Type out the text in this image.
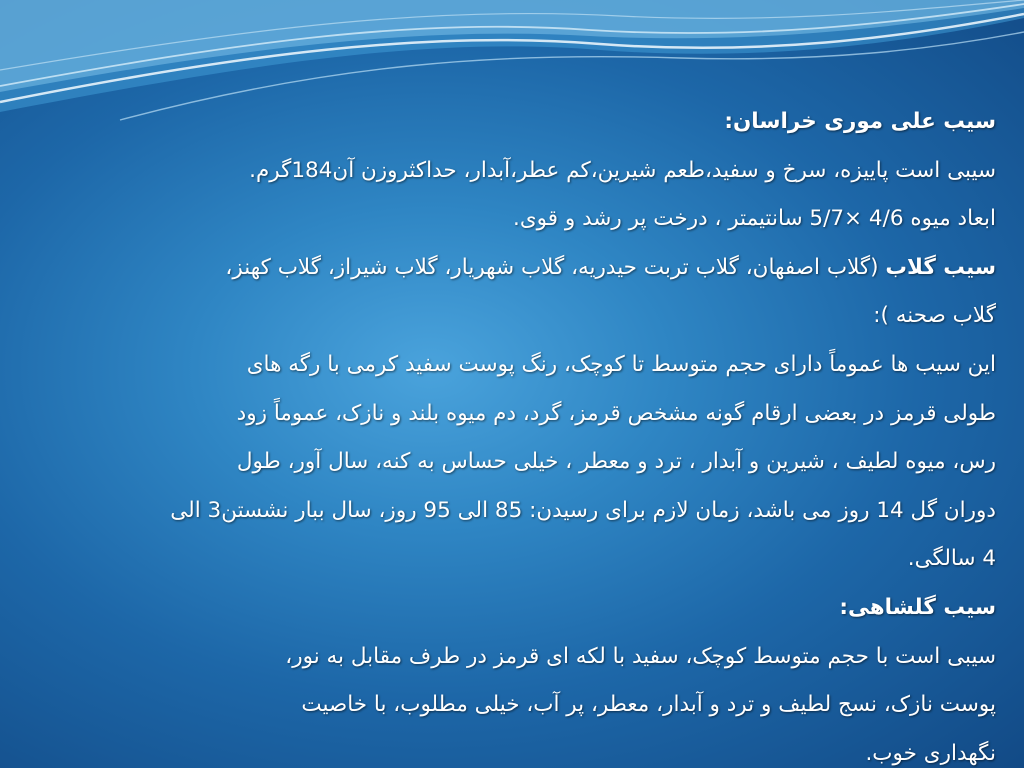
سیب علی موری خراسان:
سیبی است پاییزه، سرخ و سفید،طعم شیرین،کم عطر،آبدار، حداکثروزن آن184گرم.
ابعاد میوه 4/6 ×5/7 سانتیمتر ، درخت پر رشد و قوی.
سیب گلاب (گلاب اصفهان، گلاب تربت حیدریه، گلاب شهریار، گلاب شیراز، گلاب کهنز،
گلاب صحنه ):
این سیب ها عموماً دارای حجم متوسط تا کوچک، رنگ پوست سفید کرمی با رگه های
طولی قرمز در بعضی ارقام گونه مشخص قرمز، گرد، دم میوه بلند و نازک، عموماً زود
رس، میوه لطیف ، شیرین و آبدار ، ترد و معطر ، خیلی حساس به کنه، سال آور، طول
دوران گل 14 روز می باشد، زمان لازم برای رسیدن: 85 الی 95 روز، سال ببار نشستن3 الی
4 سالگی.
سیب گلشاهی:
سیبی است با حجم متوسط کوچک، سفید با لکه ای قرمز در طرف مقابل به نور،
پوست نازک، نسج لطیف و ترد و آبدار، معطر، پر آب، خیلی مطلوب، با خاصیت
نگهداری خوب.
